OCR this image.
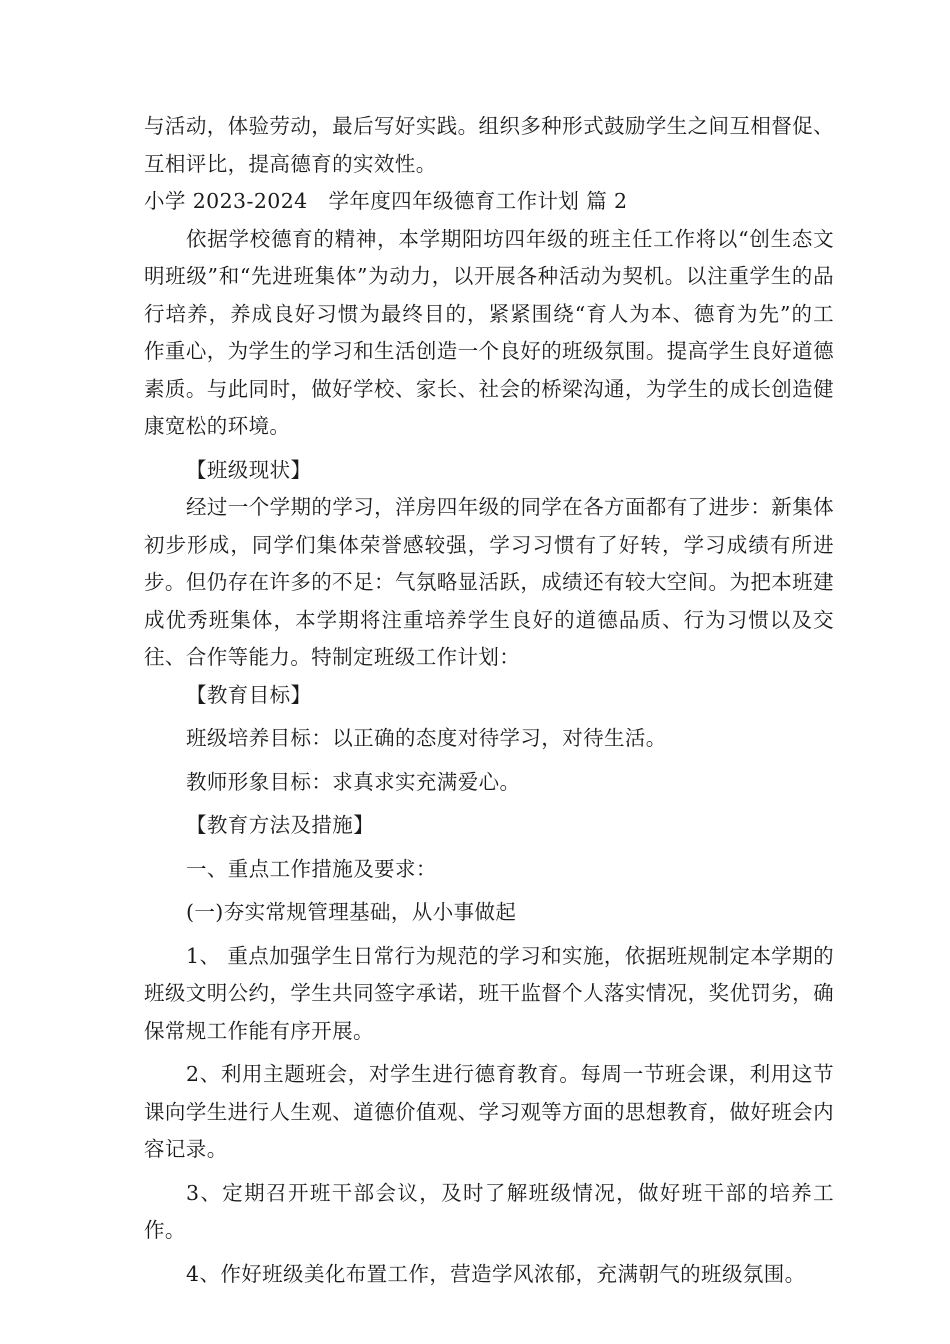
与活动，体验劳动，最后写好实践。组织多种形式鼓励学生之间互相督促、互相评比，提高德育的实效性。

小学 2023-2024　学年度四年级德育工作计划 篇 2

依据学校德育的精神，本学期阳坊四年级的班主任工作将以“创生态文明班级”和“先进班集体”为动力，以开展各种活动为契机。以注重学生的品行培养，养成良好习惯为最终目的，紧紧围绕“育人为本、德育为先”的工作重心，为学生的学习和生活创造一个良好的班级氛围。提高学生良好道德素质。与此同时，做好学校、家长、社会的桥梁沟通，为学生的成长创造健康宽松的环境。

【班级现状】

经过一个学期的学习，洋房四年级的同学在各方面都有了进步：新集体初步形成，同学们集体荣誉感较强，学习习惯有了好转，学习成绩有所进步。但仍存在许多的不足：气氛略显活跃，成绩还有较大空间。为把本班建成优秀班集体，本学期将注重培养学生良好的道德品质、行为习惯以及交往、合作等能力。特制定班级工作计划：

【教育目标】

班级培养目标：以正确的态度对待学习，对待生活。

教师形象目标：求真求实充满爱心。

【教育方法及措施】

一、重点工作措施及要求：

(一)夯实常规管理基础，从小事做起

1、 重点加强学生日常行为规范的学习和实施，依据班规制定本学期的班级文明公约，学生共同签字承诺，班干监督个人落实情况，奖优罚劣，确保常规工作能有序开展。

2、利用主题班会，对学生进行德育教育。每周一节班会课，利用这节课向学生进行人生观、道德价值观、学习观等方面的思想教育，做好班会内容记录。

3、定期召开班干部会议，及时了解班级情况，做好班干部的培养工作。

4、作好班级美化布置工作，营造学风浓郁，充满朝气的班级氛围。
